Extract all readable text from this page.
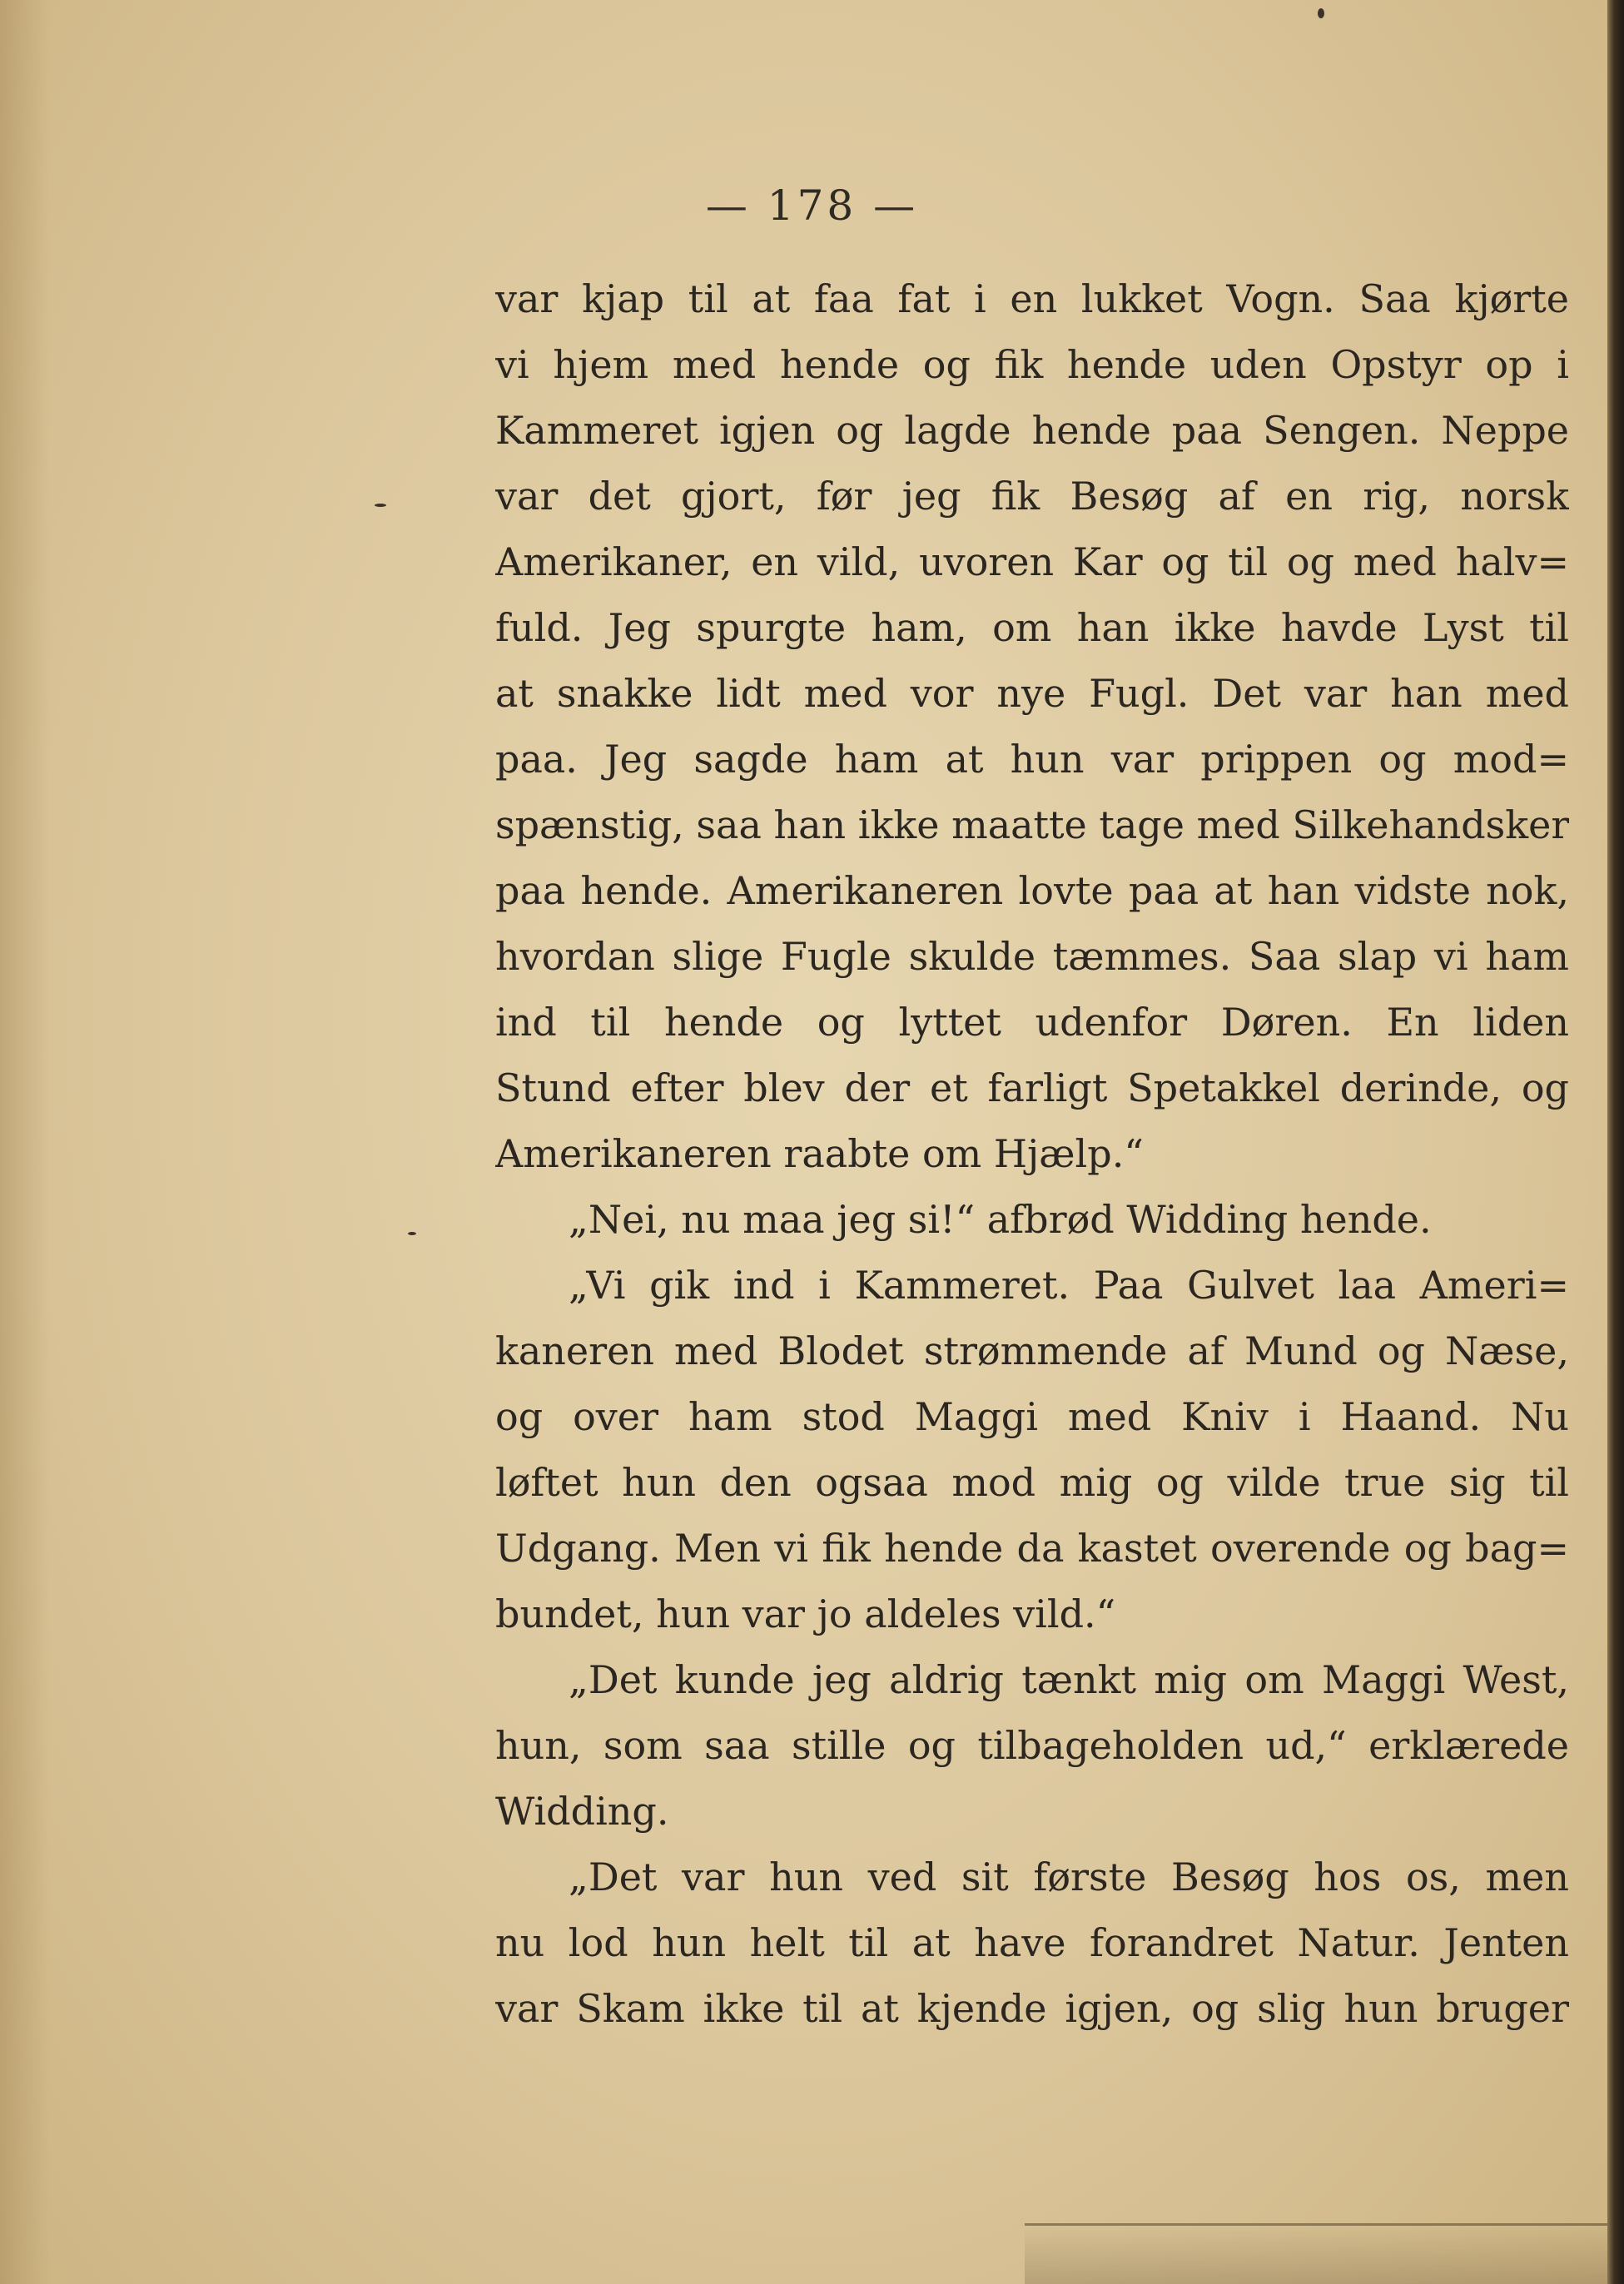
— 178 —
var kjap til at faa fat i en lukket Vogn. Saa kjørte
vi hjem med hende og fik hende uden Opstyr op i
Kammeret igjen og lagde hende paa Sengen. Neppe
var det gjort, før jeg fik Besøg af en rig, norsk
Amerikaner, en vild, uvoren Kar og til og med halv=
fuld. Jeg spurgte ham, om han ikke havde Lyst til
at snakke lidt med vor nye Fugl. Det var han med
paa. Jeg sagde ham at hun var prippen og mod=
spænstig, saa han ikke maatte tage med Silkehandsker
paa hende. Amerikaneren lovte paa at han vidste nok,
hvordan slige Fugle skulde tæmmes. Saa slap vi ham
ind til hende og lyttet udenfor Døren. En liden
Stund efter blev der et farligt Spetakkel derinde, og
Amerikaneren raabte om Hjælp.“
„Nei, nu maa jeg si!“ afbrød Widding hende.
„Vi gik ind i Kammeret. Paa Gulvet laa Ameri=
kaneren med Blodet strømmende af Mund og Næse,
og over ham stod Maggi med Kniv i Haand. Nu
løftet hun den ogsaa mod mig og vilde true sig til
Udgang. Men vi fik hende da kastet overende og bag=
bundet, hun var jo aldeles vild.“
„Det kunde jeg aldrig tænkt mig om Maggi West,
hun, som saa stille og tilbageholden ud,“ erklærede
Widding.
„Det var hun ved sit første Besøg hos os, men
nu lod hun helt til at have forandret Natur. Jenten
var Skam ikke til at kjende igjen, og slig hun bruger
